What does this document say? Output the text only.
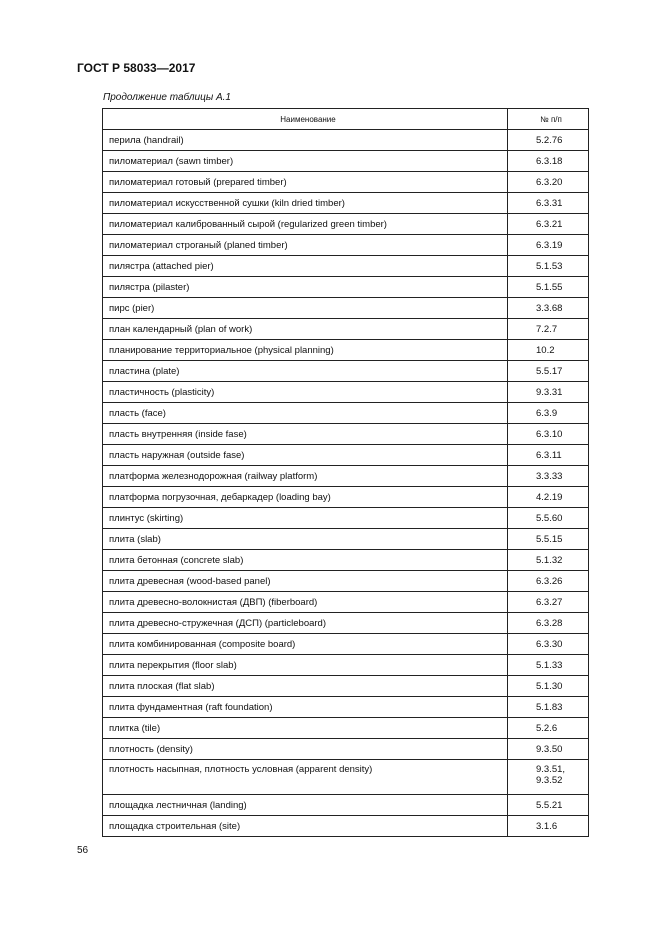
ГОСТ Р 58033—2017
Продолжение таблицы А.1
Наименование	№ п/п
перила (handrail)	5.2.76

пиломатериал (sawn timber)	6.3.18

пиломатериал готовый (prepared timber)	6.3.20

пиломатериал искусственной сушки (kiln dried timber)	6.3.31

пиломатериал калиброванный сырой (regularized green timber)	6.3.21

пиломатериал строганый (planed timber)	6.3.19

пилястра (attached pier)	5.1.53

пилястра (pilaster)	5.1.55

пирс (pier)	3.3.68

план календарный (plan of work)	7.2.7

планирование территориальное (physical planning)	10.2

пластина (plate)	5.5.17

пластичность (plasticity)	9.3.31

пласть (face)	6.3.9

пласть внутренняя (inside fase)	6.3.10

пласть наружная (outside fase)	6.3.11

платформа железнодорожная (railway platform)	3.3.33

платформа погрузочная, дебаркадер (loading bay)	4.2.19

плинтус (skirting)	5.5.60

плита (slab)	5.5.15

плита бетонная (concrete slab)	5.1.32

плита древесная (wood-based panel)	6.3.26

плита древесно-волокнистая (ДВП) (fiberboard)	6.3.27

плита древесно-стружечная (ДСП) (particleboard)	6.3.28

плита комбинированная (composite board)	6.3.30

плита перекрытия (floor slab)	5.1.33

плита плоская (flat slab)	5.1.30

плита фундаментная (raft foundation)	5.1.83

плитка (tile)	5.2.6

плотность (density)	9.3.50

плотность насыпная, плотность условная (apparent density)	9.3.51,
9.3.52

площадка лестничная (landing)	5.5.21

площадка строительная (site)	3.1.6
56
